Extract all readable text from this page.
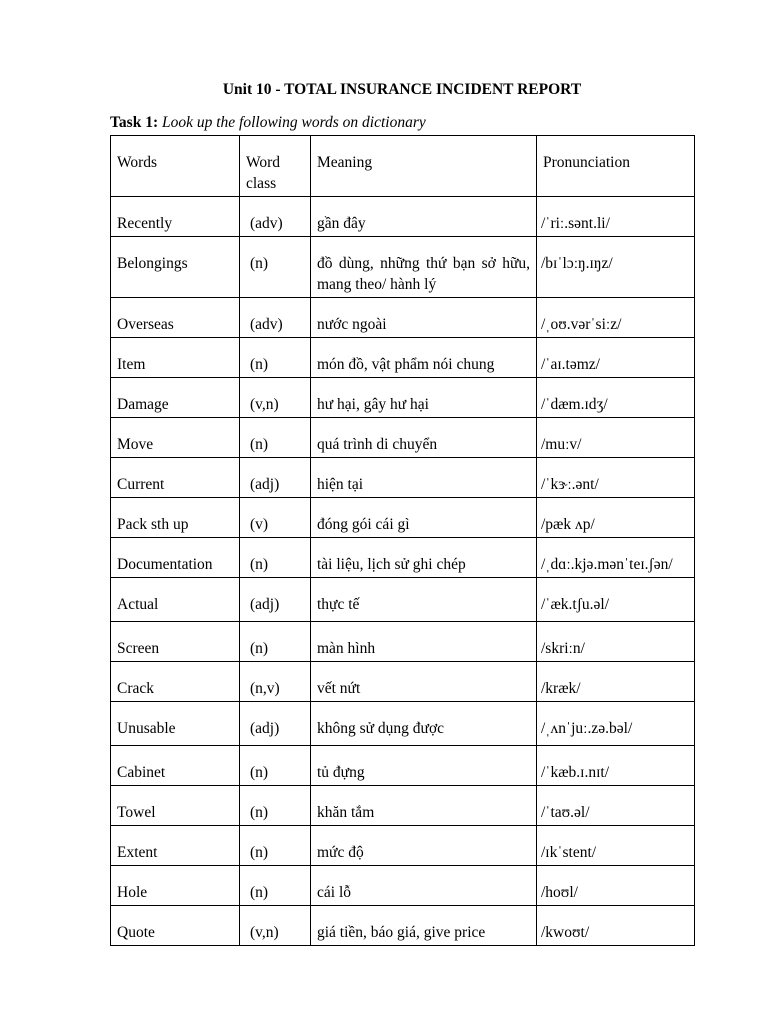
Unit 10 - TOTAL INSURANCE INCIDENT REPORT
Task 1: Look up the following words on dictionary
Words	Word class	Meaning	Pronunciation
Recently	(adv)	gần đây	/ˈriː.sənt.li/
Belongings	(n)	đồ dùng, những thứ bạn sở hữu, mang theo/ hành lý	/bɪˈlɔːŋ.ɪŋz/
Overseas	(adv)	nước ngoài	/ˌoʊ.vərˈsiːz/
Item	(n)	món đồ, vật phẩm nói chung	/ˈaɪ.təmz/
Damage	(v,n)	hư hại, gây hư hại	/ˈdæm.ɪdʒ/
Move	(n)	quá trình di chuyển	/muːv/
Current	(adj)	hiện tại	/ˈkɝː.ənt/
Pack sth up	(v)	đóng gói cái gì	/pæk ʌp/
Documentation	(n)	tài liệu, lịch sử ghi chép	/ˌdɑː.kjə.mənˈteɪ.ʃən/
Actual	(adj)	thực tế	/ˈæk.tʃu.əl/
Screen	(n)	màn hình	/skriːn/
Crack	(n,v)	vết nứt	/kræk/
Unusable	(adj)	không sử dụng được	/ˌʌnˈjuː.zə.bəl/
Cabinet	(n)	tủ đựng	/ˈkæb.ɪ.nɪt/
Towel	(n)	khăn tắm	/ˈtaʊ.əl/
Extent	(n)	mức độ	/ɪkˈstent/
Hole	(n)	cái lỗ	/hoʊl/
Quote	(v,n)	giá tiền, báo giá, give price	/kwoʊt/
